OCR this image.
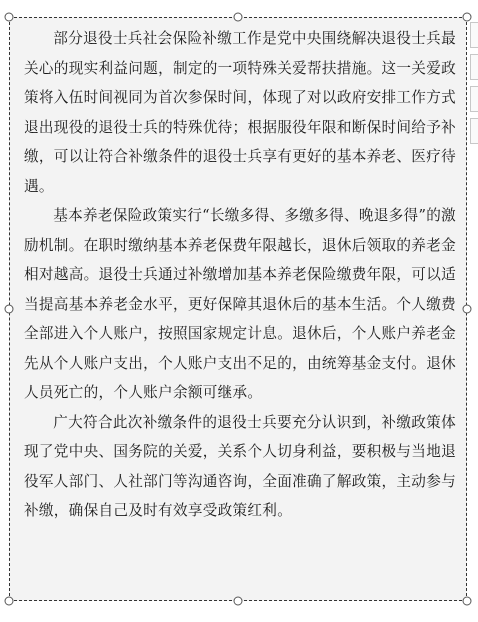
部分退役士兵社会保险补缴工作是党中央围绕解决退役士兵最关心的现实利益问题，制定的一项特殊关爱帮扶措施。这一关爱政策将入伍时间视同为首次参保时间，体现了对以政府安排工作方式退出现役的退役士兵的特殊优待；根据服役年限和断保时间给予补缴，可以让符合补缴条件的退役士兵享有更好的基本养老、医疗待遇。

基本养老保险政策实行“长缴多得、多缴多得、晚退多得”的激励机制。在职时缴纳基本养老保费年限越长，退休后领取的养老金相对越高。退役士兵通过补缴增加基本养老保险缴费年限，可以适当提高基本养老金水平，更好保障其退休后的基本生活。个人缴费全部进入个人账户，按照国家规定计息。退休后，个人账户养老金先从个人账户支出，个人账户支出不足的，由统筹基金支付。退休人员死亡的，个人账户余额可继承。

广大符合此次补缴条件的退役士兵要充分认识到，补缴政策体现了党中央、国务院的关爱，关系个人切身利益，要积极与当地退役军人部门、人社部门等沟通咨询，全面准确了解政策，主动参与补缴，确保自己及时有效享受政策红利。
